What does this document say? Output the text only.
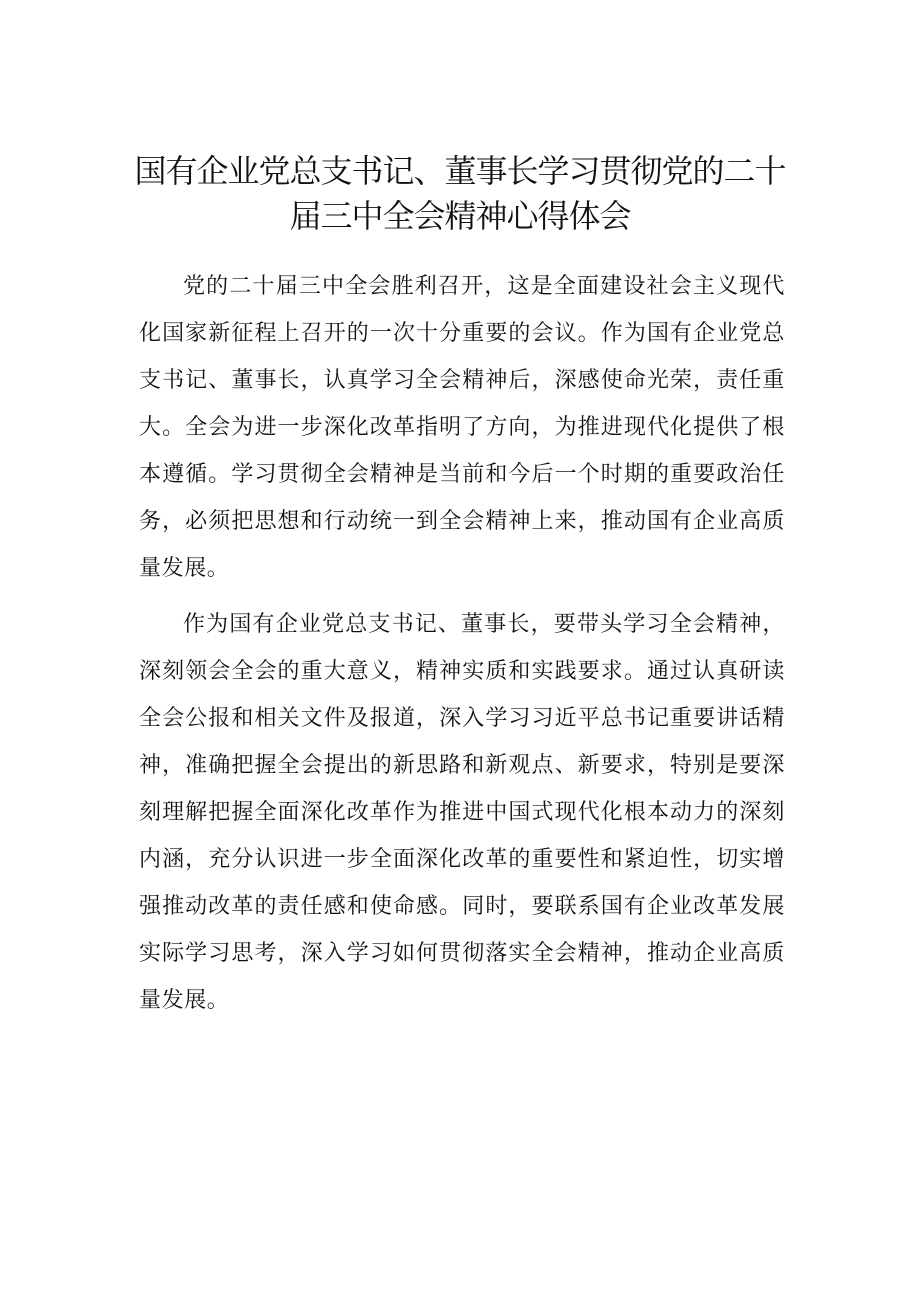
国有企业党总支书记、董事长学习贯彻党的二十
届三中全会精神心得体会

党的二十届三中全会胜利召开，这是全面建设社会主义现代化国家新征程上召开的一次十分重要的会议。作为国有企业党总支书记、董事长，认真学习全会精神后，深感使命光荣，责任重大。全会为进一步深化改革指明了方向，为推进现代化提供了根本遵循。学习贯彻全会精神是当前和今后一个时期的重要政治任务，必须把思想和行动统一到全会精神上来，推动国有企业高质量发展。

作为国有企业党总支书记、董事长，要带头学习全会精神，深刻领会全会的重大意义，精神实质和实践要求。通过认真研读全会公报和相关文件及报道，深入学习习近平总书记重要讲话精神，准确把握全会提出的新思路和新观点、新要求，特别是要深刻理解把握全面深化改革作为推进中国式现代化根本动力的深刻内涵，充分认识进一步全面深化改革的重要性和紧迫性，切实增强推动改革的责任感和使命感。同时，要联系国有企业改革发展实际学习思考，深入学习如何贯彻落实全会精神，推动企业高质量发展。
